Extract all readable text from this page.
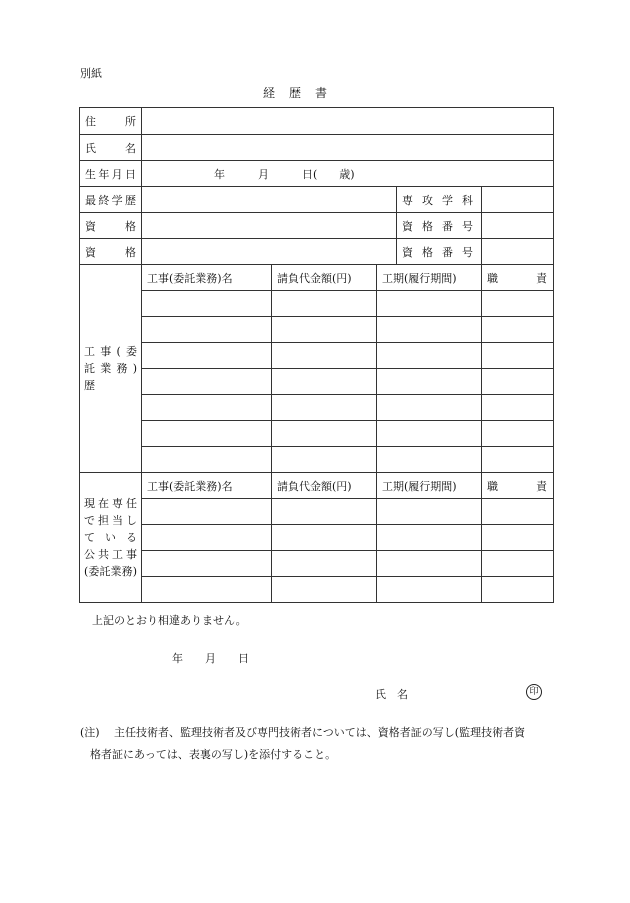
別紙
経　歴　書
住　所					

氏　名					

生年月日	年　　　月　　　日(　　歳)				

最終学歴				専攻学科	

資　格				資格番号	

資　格				資格番号	

工事(委
託業務)
歴	工事(委託業務)名	請負代金額(円)	工期(履行期間)		職　責

現在専任
で担当し
ている
公共工事
(委託業務)	工事(委託業務)名	請負代金額(円)	工期(履行期間)		職　責

上記のとおり相違ありません。
年　　月　　日
氏　名	印
(注) 主任技術者、監理技術者及び専門技術者については、資格者証の写し(監理技術者資
格者証にあっては、表裏の写し)を添付すること。
